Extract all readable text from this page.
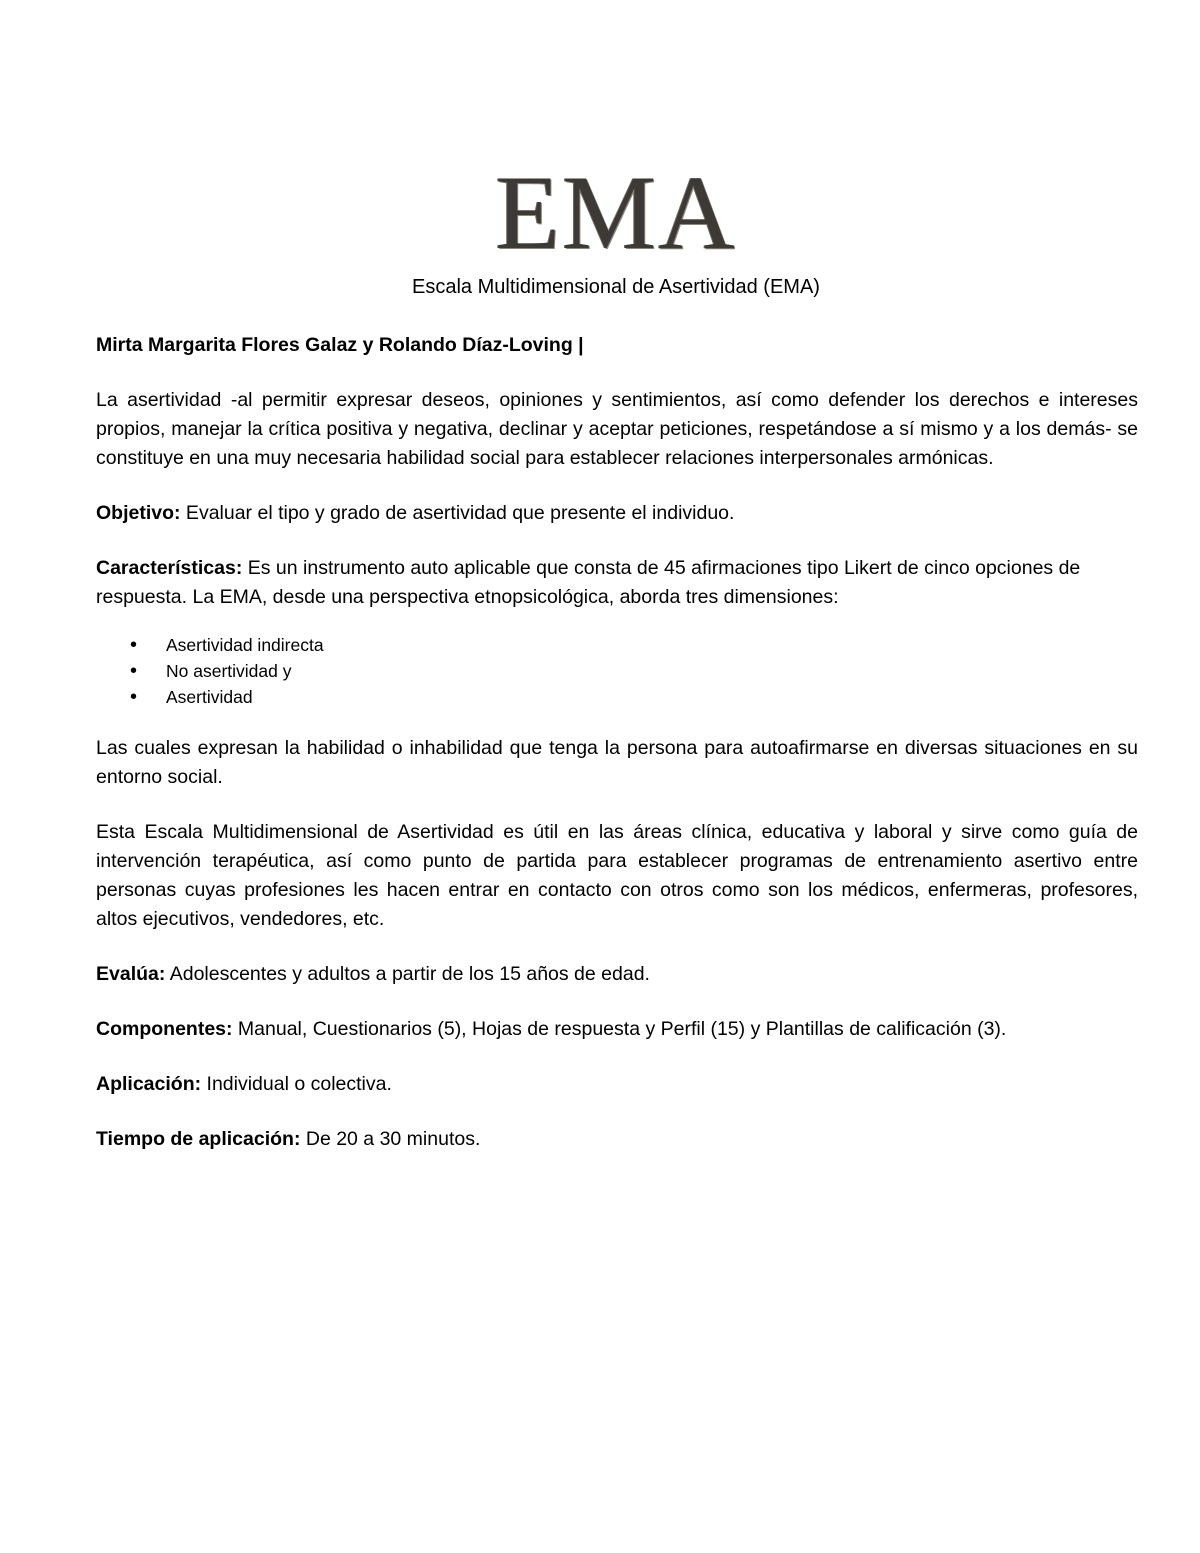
EMA
Escala Multidimensional de Asertividad (EMA)

Mirta Margarita Flores Galaz y Rolando Díaz-Loving |

La asertividad -al permitir expresar deseos, opiniones y sentimientos, así como defender los derechos e intereses propios, manejar la crítica positiva y negativa, declinar y aceptar peticiones, respetándose a sí mismo y a los demás- se constituye en una muy necesaria habilidad social para establecer relaciones interpersonales armónicas.

Objetivo: Evaluar el tipo y grado de asertividad que presente el individuo.

Características: Es un instrumento auto aplicable que consta de 45 afirmaciones tipo Likert de cinco opciones de respuesta. La EMA, desde una perspectiva etnopsicológica, aborda tres dimensiones:

• Asertividad indirecta
• No asertividad y
• Asertividad

Las cuales expresan la habilidad o inhabilidad que tenga la persona para autoafirmarse en diversas situaciones en su entorno social.

Esta Escala Multidimensional de Asertividad es útil en las áreas clínica, educativa y laboral y sirve como guía de intervención terapéutica, así como punto de partida para establecer programas de entrenamiento asertivo entre personas cuyas profesiones les hacen entrar en contacto con otros como son los médicos, enfermeras, profesores, altos ejecutivos, vendedores, etc.

Evalúa: Adolescentes y adultos a partir de los 15 años de edad.

Componentes: Manual, Cuestionarios (5), Hojas de respuesta y Perfil (15) y Plantillas de calificación (3).

Aplicación: Individual o colectiva.

Tiempo de aplicación: De 20 a 30 minutos.
